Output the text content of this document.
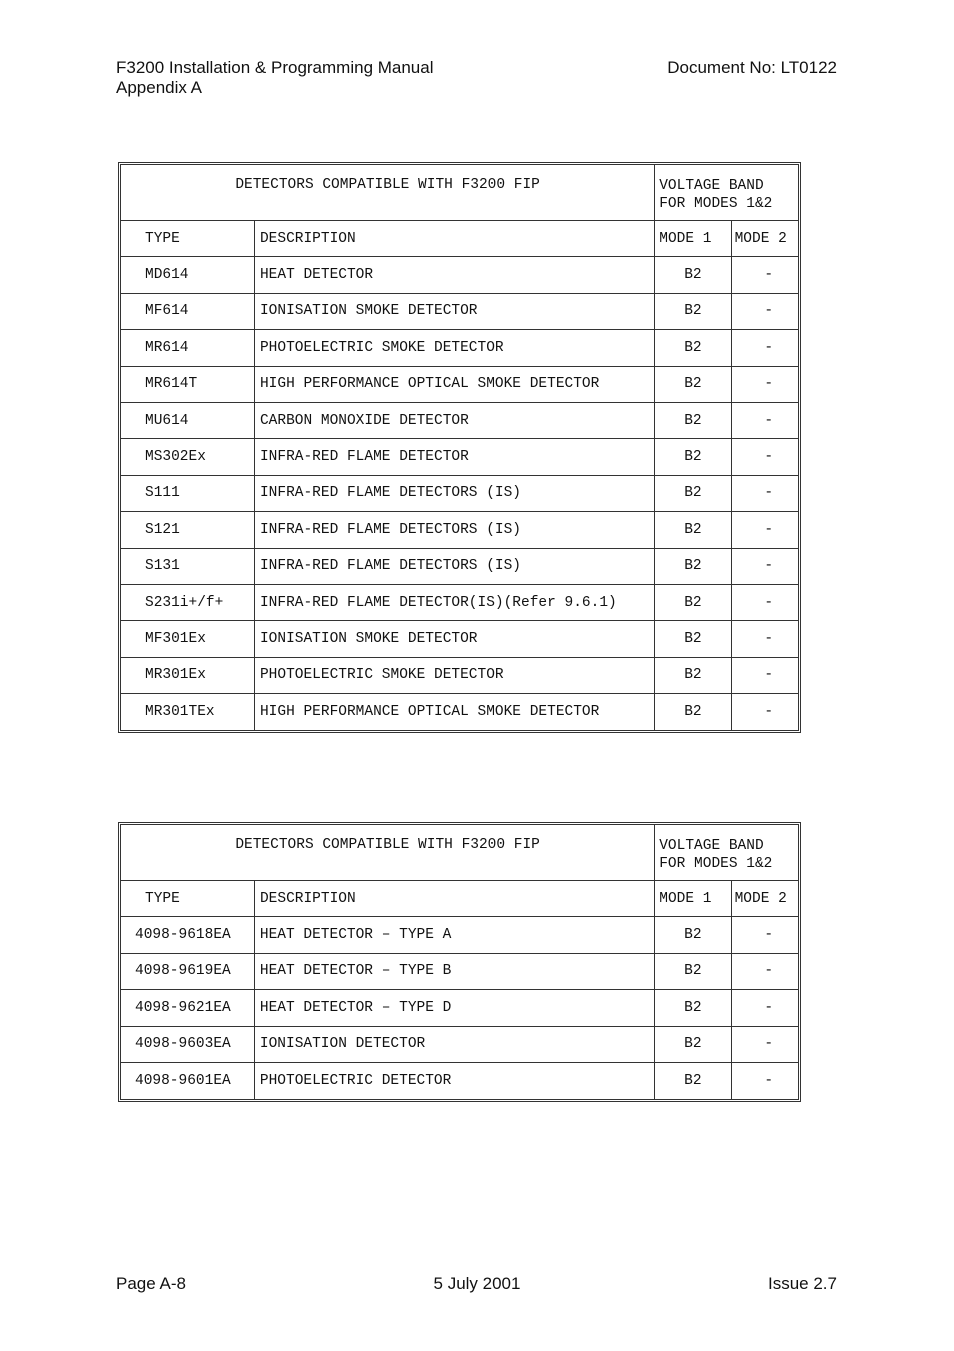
F3200 Installation & Programming Manual
Appendix A
Document No: LT0122
DETECTORS COMPATIBLE WITH F3200 FIP	VOLTAGE BAND
FOR MODES 1&2
TYPE	DESCRIPTION	MODE 1	MODE 2
MD614	HEAT DETECTOR	B2	-
MF614	IONISATION SMOKE DETECTOR	B2	-
MR614	PHOTOELECTRIC SMOKE DETECTOR	B2	-
MR614T	HIGH PERFORMANCE OPTICAL SMOKE DETECTOR	B2	-
MU614	CARBON MONOXIDE DETECTOR	B2	-
MS302Ex	INFRA-RED FLAME DETECTOR	B2	-
S111	INFRA-RED FLAME DETECTORS (IS)	B2	-
S121	INFRA-RED FLAME DETECTORS (IS)	B2	-
S131	INFRA-RED FLAME DETECTORS (IS)	B2	-
S231i+/f+	INFRA-RED FLAME DETECTOR(IS)(Refer 9.6.1)	B2	-
MF301Ex	IONISATION SMOKE DETECTOR	B2	-
MR301Ex	PHOTOELECTRIC SMOKE DETECTOR	B2	-
MR301TEx	HIGH PERFORMANCE OPTICAL SMOKE DETECTOR	B2	-
DETECTORS COMPATIBLE WITH F3200 FIP	VOLTAGE BAND
FOR MODES 1&2
TYPE	DESCRIPTION	MODE 1	MODE 2
4098-9618EA	HEAT DETECTOR – TYPE A	B2	-
4098-9619EA	HEAT DETECTOR – TYPE B	B2	-
4098-9621EA	HEAT DETECTOR – TYPE D	B2	-
4098-9603EA	IONISATION DETECTOR	B2	-
4098-9601EA	PHOTOELECTRIC DETECTOR	B2	-
Page A-8	5 July 2001	Issue 2.7
